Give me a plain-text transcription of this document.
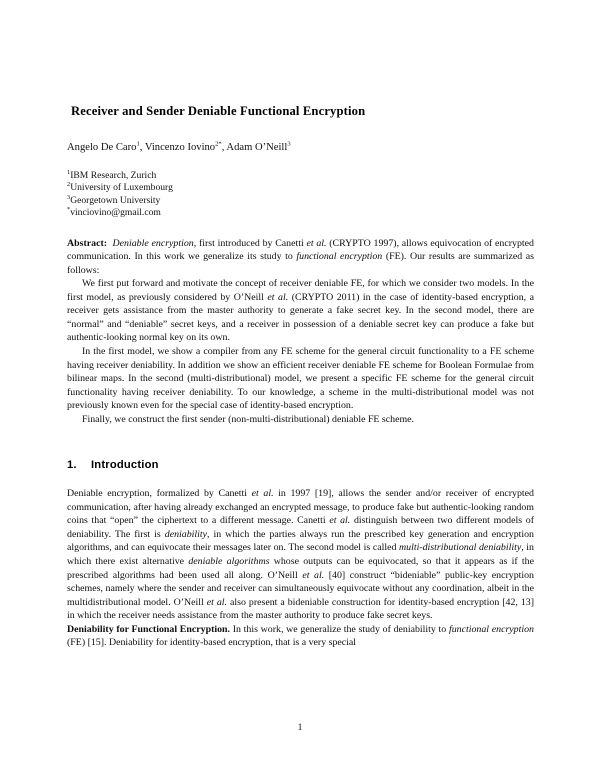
Receiver and Sender Deniable Functional Encryption
Angelo De Caro$^1$, Vincenzo Iovino$^{2*}$, Adam O’Neill$^3$
$^1$IBM Research, Zurich
$^2$University of Luxembourg
$^3$Georgetown University
*vinciovino@gmail.com

Abstract: Deniable encryption, first introduced by Canetti et al. (CRYPTO 1997), allows equivocation of encrypted communication. In this work we generalize its study to functional encryption (FE). Our results are summarized as follows:

We first put forward and motivate the concept of receiver deniable FE, for which we consider two models. In the first model, as previously considered by O’Neill et al. (CRYPTO 2011) in the case of identity-based encryption, a receiver gets assistance from the master authority to generate a fake secret key. In the second model, there are “normal” and “deniable” secret keys, and a receiver in possession of a deniable secret key can produce a fake but authentic-looking normal key on its own.

In the first model, we show a compiler from any FE scheme for the general circuit functionality to a FE scheme having receiver deniability. In addition we show an efficient receiver deniable FE scheme for Boolean Formulae from bilinear maps. In the second (multi-distributional) model, we present a specific FE scheme for the general circuit functionality having receiver deniability. To our knowledge, a scheme in the multi-distributional model was not previously known even for the special case of identity-based encryption.

Finally, we construct the first sender (non-multi-distributional) deniable FE scheme.

1. Introduction

Deniable encryption, formalized by Canetti et al. in 1997 [19], allows the sender and/or receiver of encrypted communication, after having already exchanged an encrypted message, to produce fake but authentic-looking random coins that “open” the ciphertext to a different message. Canetti et al. distinguish between two different models of deniability. The first is deniability, in which the parties always run the prescribed key generation and encryption algorithms, and can equivocate their messages later on. The second model is called multi-distributional deniability, in which there exist alternative deniable algorithms whose outputs can be equivocated, so that it appears as if the prescribed algorithms had been used all along. O’Neill et al. [40] construct “bideniable” public-key encryption schemes, namely where the sender and receiver can simultaneously equivocate without any coordination, albeit in the multidistributional model. O’Neill et al. also present a bideniable construction for identity-based encryption [42, 13] in which the receiver needs assistance from the master authority to produce fake secret keys.

Deniability for Functional Encryption. In this work, we generalize the study of deniability to functional encryption (FE) [15]. Deniability for identity-based encryption, that is a very special

1
